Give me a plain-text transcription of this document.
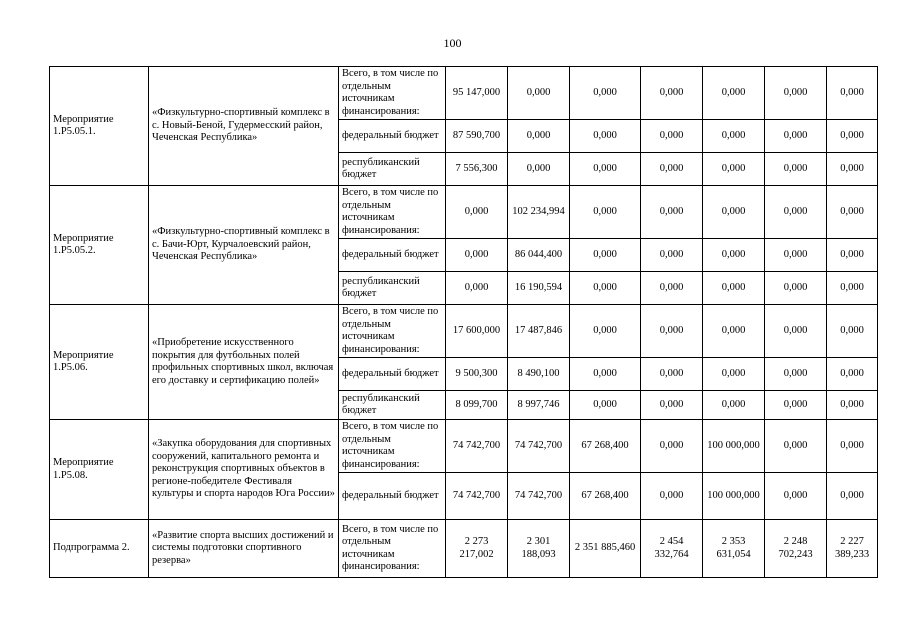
100
Мероприятие 1.Р5.05.1.	«Физкультурно-спортивный комплекс в с. Новый-Беной, Гудермесский район, Чеченская Республика»	Всего, в том числе по отдельным источникам финансирования:	95 147,000	0,000	0,000	0,000	0,000	0,000	0,000
		федеральный бюджет	87 590,700	0,000	0,000	0,000	0,000	0,000	0,000
		республиканский бюджет	7 556,300	0,000	0,000	0,000	0,000	0,000	0,000
Мероприятие 1.Р5.05.2.	«Физкультурно-спортивный комплекс в с. Бачи-Юрт, Курчалоевский район, Чеченская Республика»	Всего, в том числе по отдельным источникам финансирования:	0,000	102 234,994	0,000	0,000	0,000	0,000	0,000
		федеральный бюджет	0,000	86 044,400	0,000	0,000	0,000	0,000	0,000
		республиканский бюджет	0,000	16 190,594	0,000	0,000	0,000	0,000	0,000
Мероприятие 1.Р5.06.	«Приобретение искусственного покрытия для футбольных полей профильных спортивных школ, включая его доставку и сертификацию полей»	Всего, в том числе по отдельным источникам финансирования:	17 600,000	17 487,846	0,000	0,000	0,000	0,000	0,000
		федеральный бюджет	9 500,300	8 490,100	0,000	0,000	0,000	0,000	0,000
		республиканский бюджет	8 099,700	8 997,746	0,000	0,000	0,000	0,000	0,000
Мероприятие 1.Р5.08.	«Закупка оборудования для спортивных сооружений, капитального ремонта и реконструкция спортивных объектов в регионе-победителе Фестиваля культуры и спорта народов Юга России»	Всего, в том числе по отдельным источникам финансирования:	74 742,700	74 742,700	67 268,400	0,000	100 000,000	0,000	0,000
		федеральный бюджет	74 742,700	74 742,700	67 268,400	0,000	100 000,000	0,000	0,000
Подпрограмма 2.	«Развитие спорта высших достижений и системы подготовки спортивного резерва»	Всего, в том числе по отдельным источникам финансирования:	2 273 217,002	2 301 188,093	2 351 885,460	2 454 332,764	2 353 631,054	2 248 702,243	2 227 389,233
